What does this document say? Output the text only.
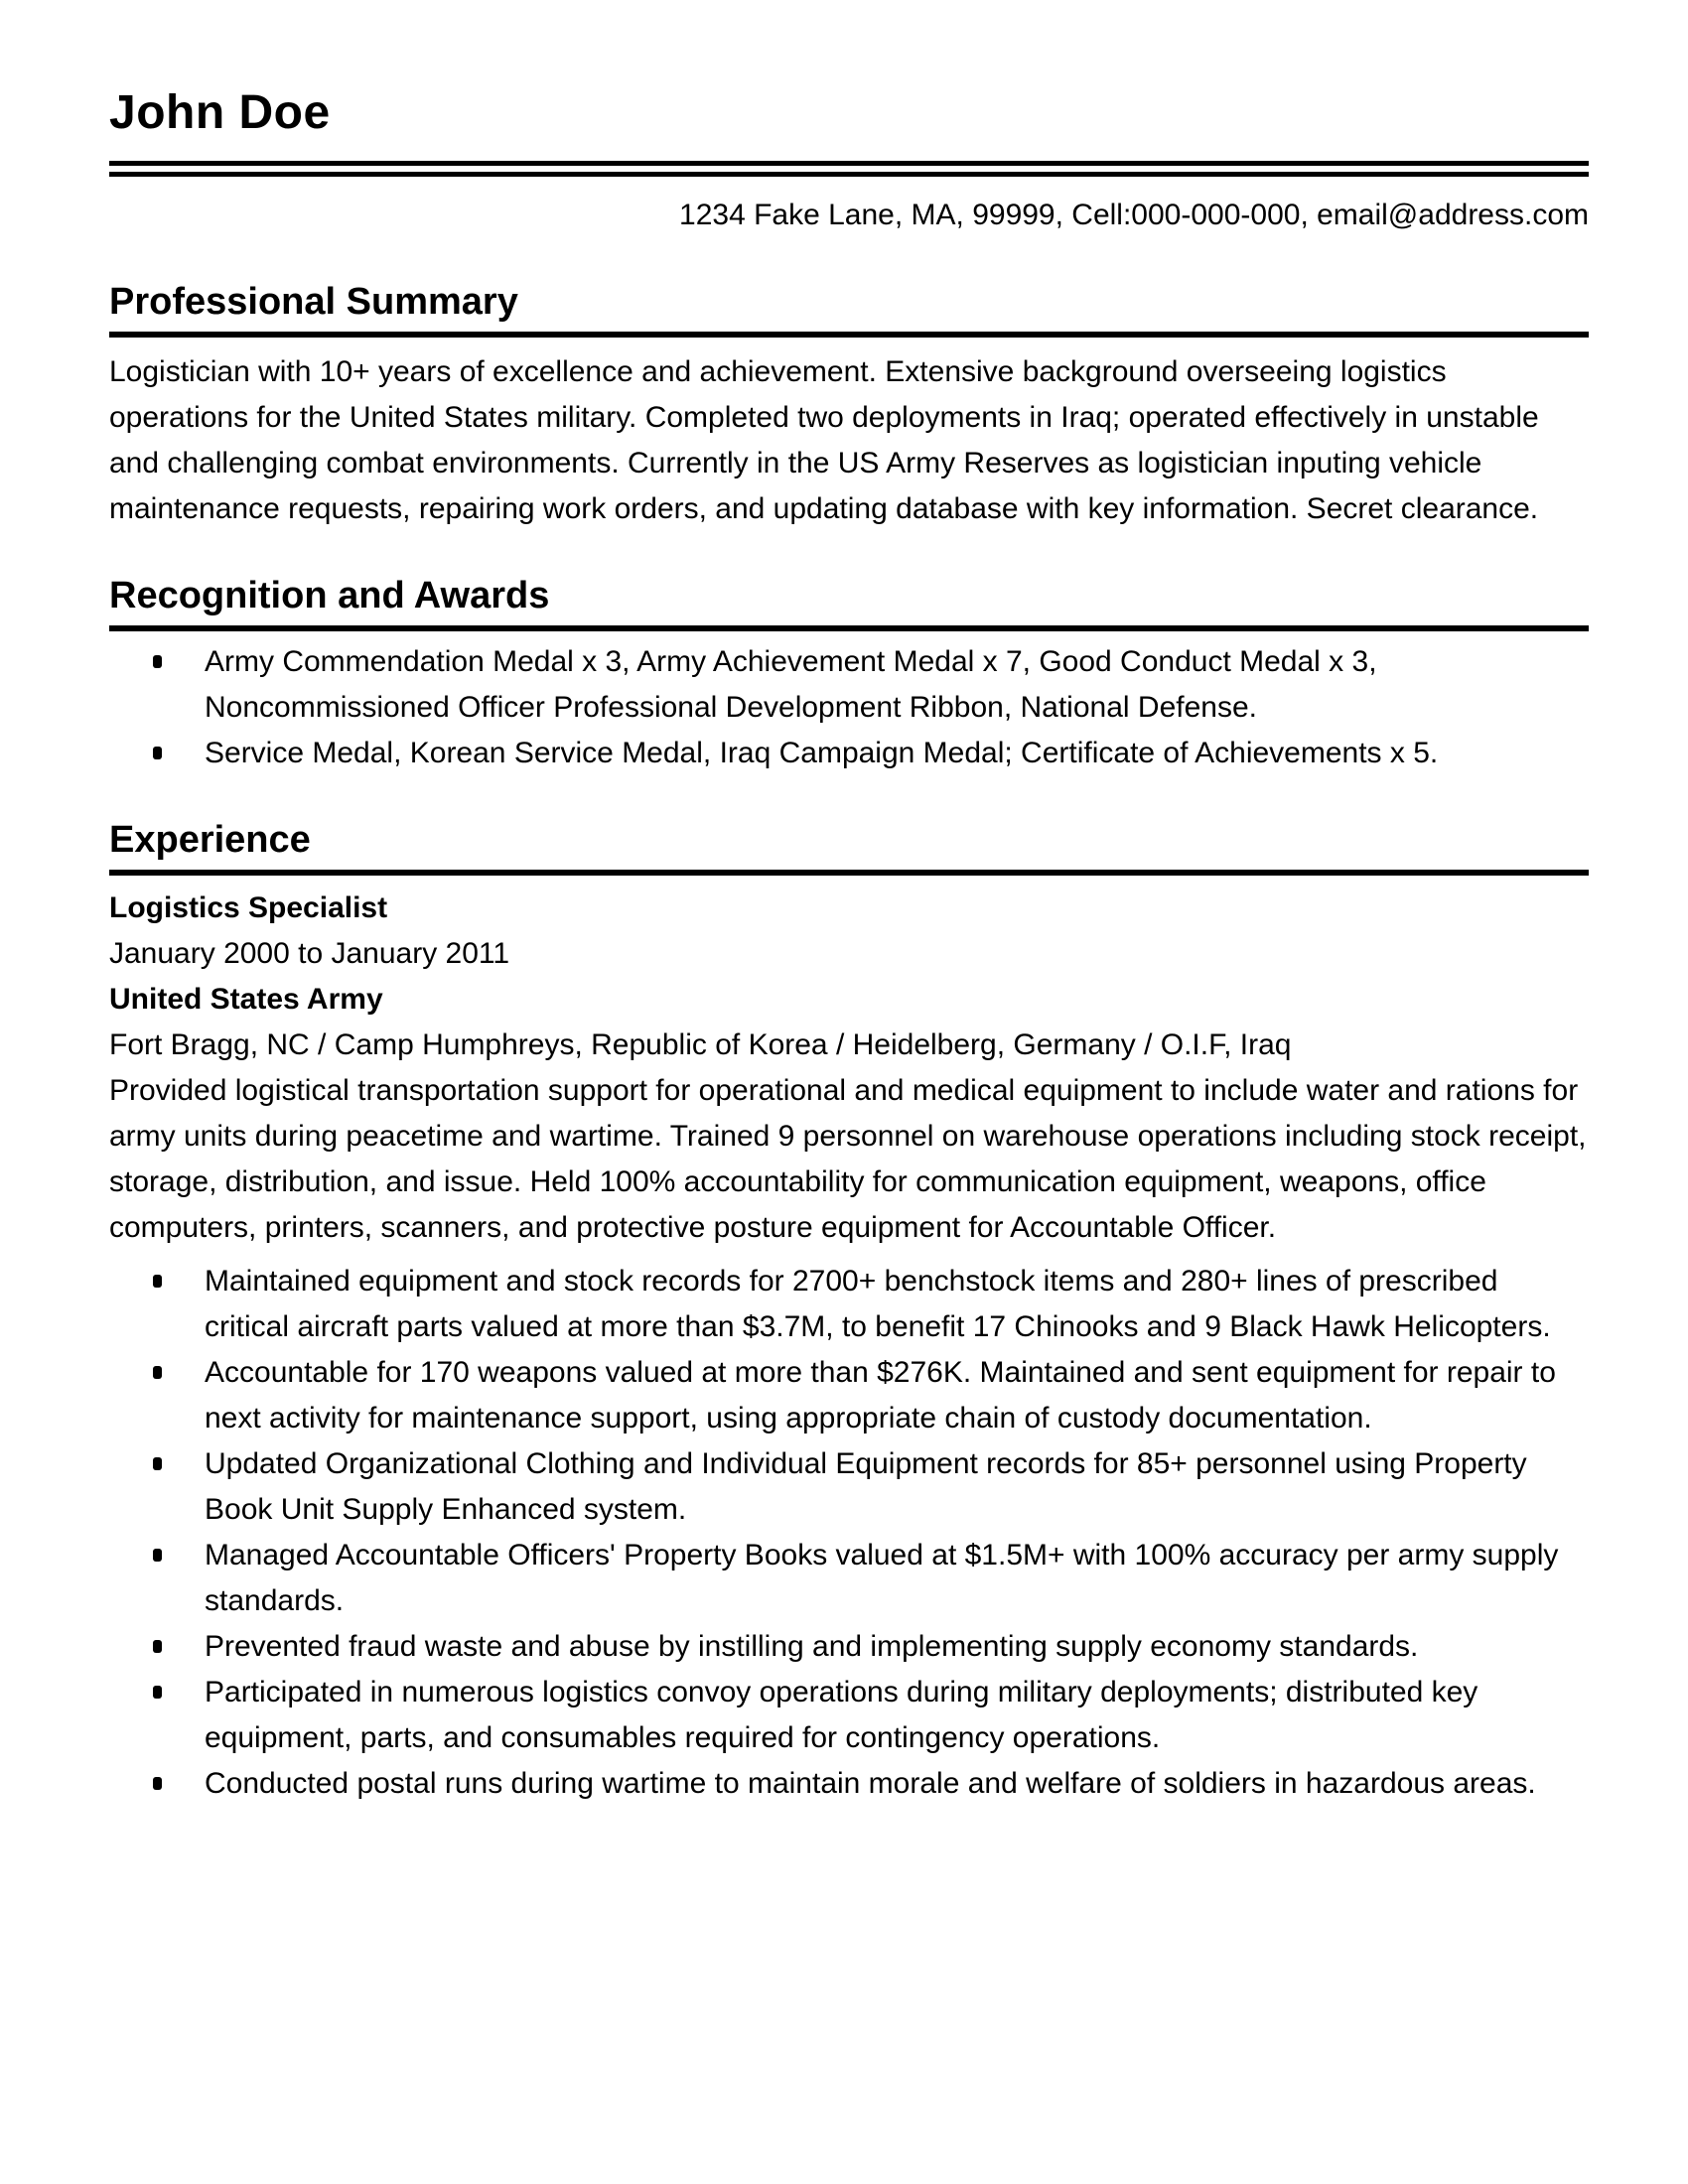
John Doe
1234 Fake Lane, MA, 99999, Cell:000-000-000, email@address.com
Professional Summary

Logistician with 10+ years of excellence and achievement. Extensive background overseeing logistics operations for the United States military. Completed two deployments in Iraq; operated effectively in unstable and challenging combat environments. Currently in the US Army Reserves as logistician inputing vehicle maintenance requests, repairing work orders, and updating database with key information. Secret clearance.

Recognition and Awards
Army Commendation Medal x 3, Army Achievement Medal x 7, Good Conduct Medal x 3, Noncommissioned Officer Professional Development Ribbon, National Defense.
Service Medal, Korean Service Medal, Iraq Campaign Medal; Certificate of Achievements x 5.
Experience
Logistics Specialist
January 2000 to January 2011
United States Army
Fort Bragg, NC / Camp Humphreys, Republic of Korea / Heidelberg, Germany / O.I.F, Iraq
Provided logistical transportation support for operational and medical equipment to include water and rations for army units during peacetime and wartime. Trained 9 personnel on warehouse operations including stock receipt, storage, distribution, and issue. Held 100% accountability for communication equipment, weapons, office computers, printers, scanners, and protective posture equipment for Accountable Officer.
Maintained equipment and stock records for 2700+ benchstock items and 280+ lines of prescribed critical aircraft parts valued at more than $3.7M, to benefit 17 Chinooks and 9 Black Hawk Helicopters.
Accountable for 170 weapons valued at more than $276K. Maintained and sent equipment for repair to next activity for maintenance support, using appropriate chain of custody documentation.
Updated Organizational Clothing and Individual Equipment records for 85+ personnel using Property Book Unit Supply Enhanced system.
Managed Accountable Officers' Property Books valued at $1.5M+ with 100% accuracy per army supply standards.
Prevented fraud waste and abuse by instilling and implementing supply economy standards.
Participated in numerous logistics convoy operations during military deployments; distributed key equipment, parts, and consumables required for contingency operations.
Conducted postal runs during wartime to maintain morale and welfare of soldiers in hazardous areas.
